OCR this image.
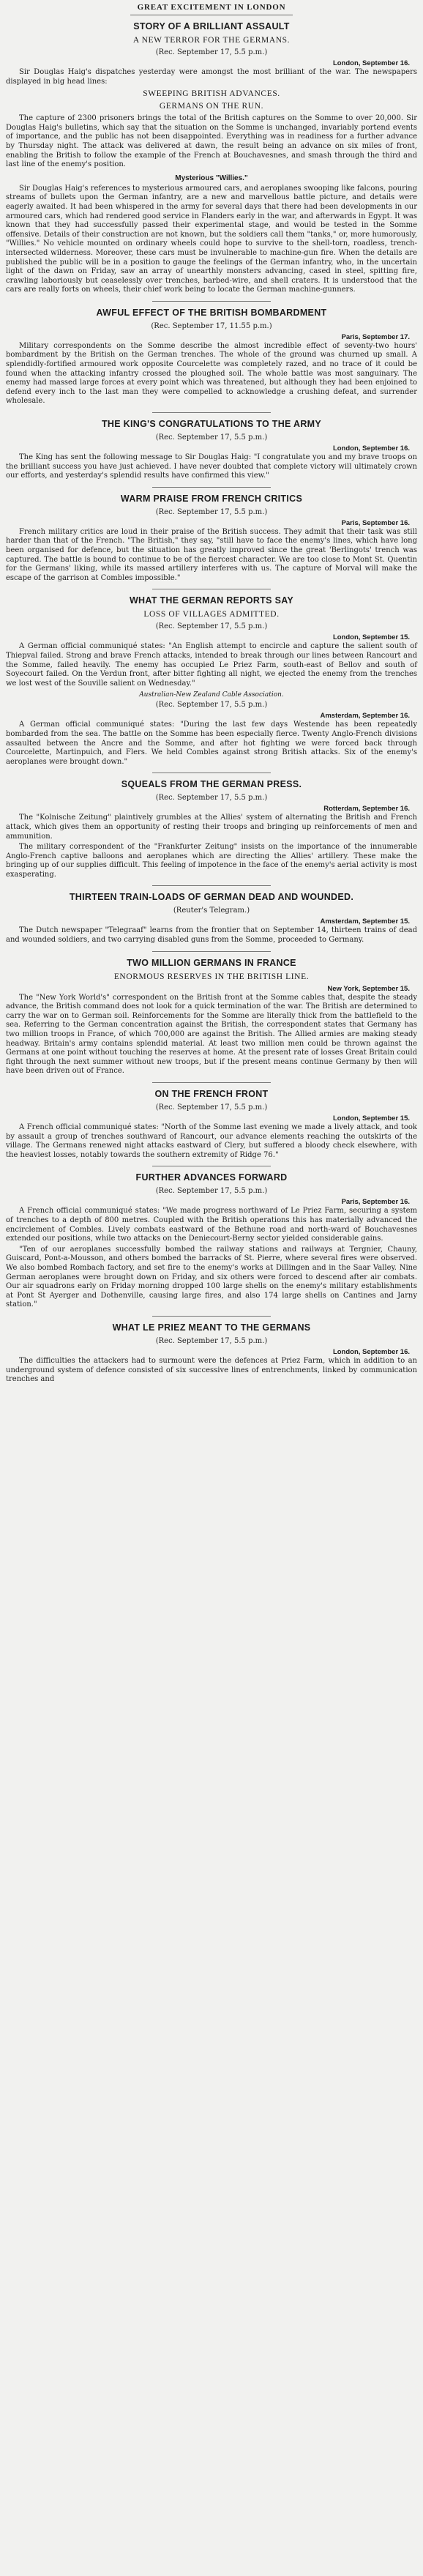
GREAT EXCITEMENT IN LONDON
STORY OF A BRILLIANT ASSAULT
A NEW TERROR FOR THE GERMANS.
(Rec. September 17, 5.5 p.m.)
London, September 16.

Sir Douglas Haig's dispatches yesterday were amongst the most brilliant of the war. The newspapers displayed in big head lines:

SWEEPING BRITISH ADVANCES.
GERMANS ON THE RUN.

The capture of 2300 prisoners brings the total of the British captures on the Somme to over 20,000. Sir Douglas Haig's bulletins, which say that the situation on the Somme is unchanged, invariably portend events of importance, and the public has not been disappointed. Everything was in readiness for a further advance by Thursday night. The attack was delivered at dawn, the result being an advance on six miles of front, enabling the British to follow the example of the French at Bouchavesnes, and smash through the third and last line of the enemy's position.

Mysterious "Willies."

Sir Douglas Haig's references to mysterious armoured cars, and aeroplanes swooping like falcons, pouring streams of bullets upon the German infantry, are a new and marvellous battle picture, and details were eagerly awaited. It had been whispered in the army for several days that there had been developments in our armoured cars, which had rendered good service in Flanders early in the war, and afterwards in Egypt. It was known that they had successfully passed their experimental stage, and would be tested in the Somme offensive. Details of their construction are not known, but the soldiers call them "tanks," or, more humorously, "Willies." No vehicle mounted on ordinary wheels could hope to survive to the shell-torn, roadless, trench-intersected wilderness. Moreover, these cars must be invulnerable to machine-gun fire. When the details are published the public will be in a position to gauge the feelings of the German infantry, who, in the uncertain light of the dawn on Friday, saw an array of unearthly monsters advancing, cased in steel, spitting fire, crawling laboriously but ceaselessly over trenches, barbed-wire, and shell craters. It is understood that the cars are really forts on wheels, their chief work being to locate the German machine-gunners.

AWFUL EFFECT OF THE BRITISH BOMBARDMENT
(Rec. September 17, 11.55 p.m.)
Paris, September 17.

Military correspondents on the Somme describe the almost incredible effect of seventy-two hours' bombardment by the British on the German trenches. The whole of the ground was churned up small. A splendidly-fortified armoured work opposite Courcelette was completely razed, and no trace of it could be found when the attacking infantry crossed the ploughed soil. The whole battle was most sanguinary. The enemy had massed large forces at every point which was threatened, but although they had been enjoined to defend every inch to the last man they were compelled to acknowledge a crushing defeat, and surrender wholesale.

THE KING'S CONGRATULATIONS TO THE ARMY
(Rec. September 17, 5.5 p.m.)
London, September 16.

The King has sent the following message to Sir Douglas Haig: "I congratulate you and my brave troops on the brilliant success you have just achieved. I have never doubted that complete victory will ultimately crown our efforts, and yesterday's splendid results have confirmed this view."

WARM PRAISE FROM FRENCH CRITICS
(Rec. September 17, 5.5 p.m.)
Paris, September 16.

French military critics are loud in their praise of the British success. They admit that their task was still harder than that of the French. "The British," they say, "still have to face the enemy's lines, which have long been organised for defence, but the situation has greatly improved since the great 'Berlingots' trench was captured. The battle is bound to continue to be of the fiercest character. We are too close to Mont St. Quentin for the Germans' liking, while its massed artillery interferes with us. The capture of Morval will make the escape of the garrison at Combles impossible."

WHAT THE GERMAN REPORTS SAY
LOSS OF VILLAGES ADMITTED.
(Rec. September 17, 5.5 p.m.)
London, September 15.

A German official communiqué states: "An English attempt to encircle and capture the salient south of Thiepval failed. Strong and brave French attacks, intended to break through our lines between Rancourt and the Somme, failed heavily. The enemy has occupied Le Priez Farm, south-east of Bellov and south of Soyecourt failed. On the Verdun front, after bitter fighting all night, we ejected the enemy from the trenches we lost west of the Souville salient on Wednesday."

Australian-New Zealand Cable Association.
(Rec. September 17, 5.5 p.m.)
Amsterdam, September 16.

A German official communiqué states: "During the last few days Westende has been repeatedly bombarded from the sea. The battle on the Somme has been especially fierce. Twenty Anglo-French divisions assaulted between the Ancre and the Somme, and after hot fighting we were forced back through Courcelette, Martinpuich, and Flers. We held Combles against strong British attacks. Six of the enemy's aeroplanes were brought down."

SQUEALS FROM THE GERMAN PRESS.
(Rec. September 17, 5.5 p.m.)
Rotterdam, September 16.

The "Kolnische Zeitung" plaintively grumbles at the Allies' system of alternating the British and French attack, which gives them an opportunity of resting their troops and bringing up reinforcements of men and ammunition.

The military correspondent of the "Frankfurter Zeitung" insists on the importance of the innumerable Anglo-French captive balloons and aeroplanes which are directing the Allies' artillery. These make the bringing up of our supplies difficult. This feeling of impotence in the face of the enemy's aerial activity is most exasperating.

THIRTEEN TRAIN-LOADS OF GERMAN DEAD AND WOUNDED.
(Reuter's Telegram.)
Amsterdam, September 15.

The Dutch newspaper "Telegraaf" learns from the frontier that on September 14, thirteen trains of dead and wounded soldiers, and two carrying disabled guns from the Somme, proceeded to Germany.

TWO MILLION GERMANS IN FRANCE
ENORMOUS RESERVES IN THE BRITISH LINE.
New York, September 15.

The "New York World's" correspondent on the British front at the Somme cables that, despite the steady advance, the British command does not look for a quick termination of the war. The British are determined to carry the war on to German soil. Reinforcements for the Somme are literally thick from the battlefield to the sea. Referring to the German concentration against the British, the correspondent states that Germany has two million troops in France, of which 700,000 are against the British. The Allied armies are making steady headway. Britain's army contains splendid material. At least two million men could be thrown against the Germans at one point without touching the reserves at home. At the present rate of losses Great Britain could fight through the next summer without new troops, but if the present means continue Germany by then will have been driven out of France.

ON THE FRENCH FRONT
(Rec. September 17, 5.5 p.m.)
London, September 15.

A French official communiqué states: "North of the Somme last evening we made a lively attack, and took by assault a group of trenches southward of Rancourt, our advance elements reaching the outskirts of the village. The Germans renewed night attacks eastward of Clery, but suffered a bloody check elsewhere, with the heaviest losses, notably towards the southern extremity of Ridge 76."

FURTHER ADVANCES FORWARD
(Rec. September 17, 5.5 p.m.)
Paris, September 16.

A French official communiqué states: "We made progress northward of Le Priez Farm, securing a system of trenches to a depth of 800 metres. Coupled with the British operations this has materially advanced the encirclement of Combles. Lively combats eastward of the Bethune road and north-ward of Bouchavesnes extended our positions, while two attacks on the Deniecourt-Berny sector yielded considerable gains.

"Ten of our aeroplanes successfully bombed the railway stations and railways at Tergnier, Chauny, Guiscard, Pont-a-Mousson, and others bombed the barracks of St. Pierre, where several fires were observed. We also bombed Rombach factory, and set fire to the enemy's works at Dillingen and in the Saar Valley. Nine German aeroplanes were brought down on Friday, and six others were forced to descend after air combats. Our air squadrons early on Friday morning dropped 100 large shells on the enemy's military establishments at Pont St Ayerger and Dothenville, causing large fires, and also 174 large shells on Cantines and Jarny station."

WHAT LE PRIEZ MEANT TO THE GERMANS
(Rec. September 17, 5.5 p.m.)
London, September 16.

The difficulties the attackers had to surmount were the defences at Priez Farm, which in addition to an underground system of defence consisted of six successive lines of entrenchments, linked by communication trenches and
